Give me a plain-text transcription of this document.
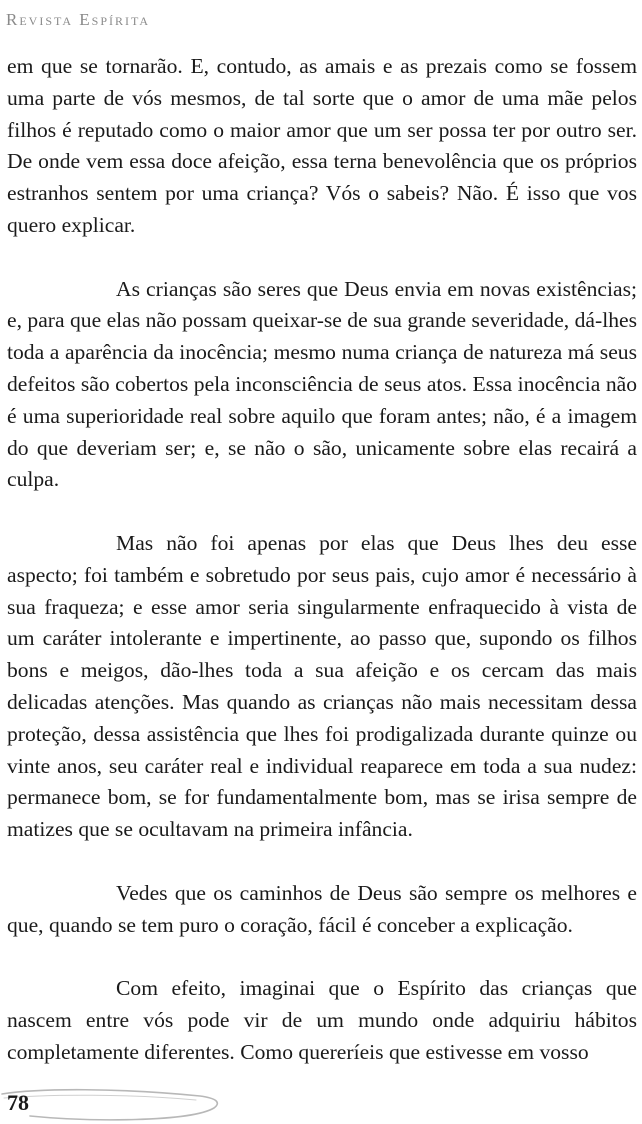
Revista Espírita

em que se tornarão. E, contudo, as amais e as prezais como se fossem uma parte de vós mesmos, de tal sorte que o amor de uma mãe pelos filhos é reputado como o maior amor que um ser possa ter por outro ser. De onde vem essa doce afeição, essa terna benevolência que os próprios estranhos sentem por uma criança? Vós o sabeis? Não. É isso que vos quero explicar.

As crianças são seres que Deus envia em novas existências; e, para que elas não possam queixar-se de sua grande severidade, dá-lhes toda a aparência da inocência; mesmo numa criança de natureza má seus defeitos são cobertos pela inconsciência de seus atos. Essa inocência não é uma superioridade real sobre aquilo que foram antes; não, é a imagem do que deveriam ser; e, se não o são, unicamente sobre elas recairá a culpa.

Mas não foi apenas por elas que Deus lhes deu esse aspecto; foi também e sobretudo por seus pais, cujo amor é necessário à sua fraqueza; e esse amor seria singularmente enfraquecido à vista de um caráter intolerante e impertinente, ao passo que, supondo os filhos bons e meigos, dão-lhes toda a sua afeição e os cercam das mais delicadas atenções. Mas quando as crianças não mais necessitam dessa proteção, dessa assistência que lhes foi prodigalizada durante quinze ou vinte anos, seu caráter real e individual reaparece em toda a sua nudez: permanece bom, se for fundamentalmente bom, mas se irisa sempre de matizes que se ocultavam na primeira infância.

Vedes que os caminhos de Deus são sempre os melhores e que, quando se tem puro o coração, fácil é conceber a explicação.

Com efeito, imaginai que o Espírito das crianças que nascem entre vós pode vir de um mundo onde adquiriu hábitos completamente diferentes. Como quereríeis que estivesse em vosso

78
